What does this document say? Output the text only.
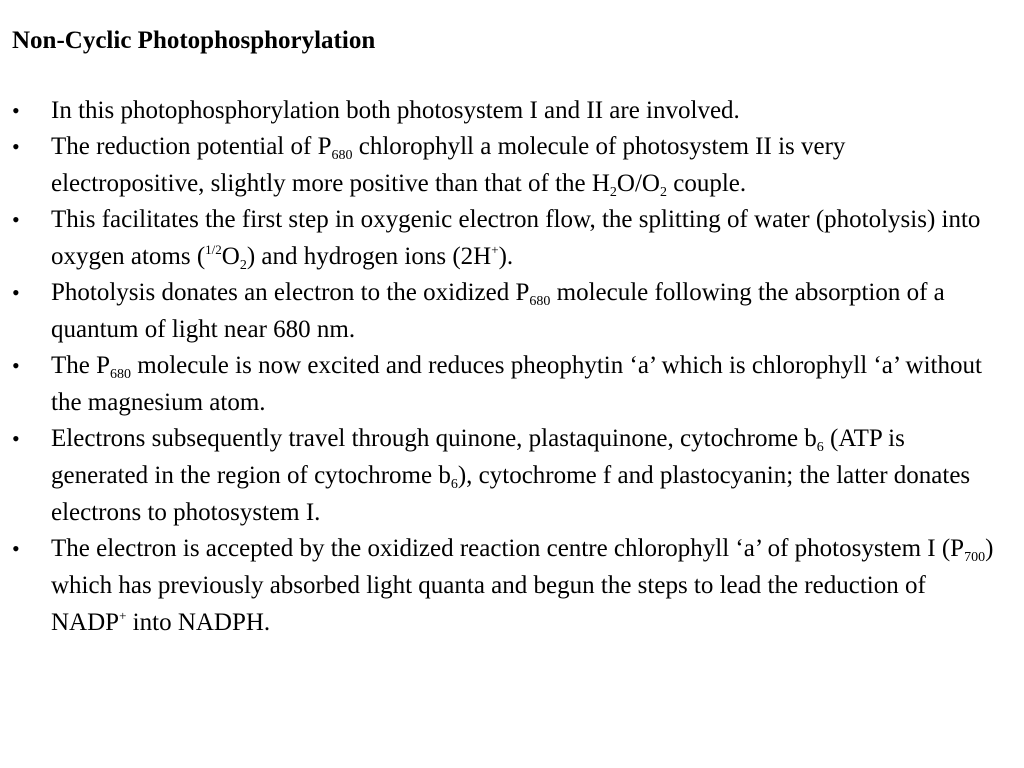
Non-Cyclic Photophosphorylation
•	In this photophosphorylation both photosystem I and II are involved.
•	The reduction potential of $P_{680}$ chlorophyll a molecule of photosystem II is very electropositive, slightly more positive than that of the $H_2O/O_2$ couple.
•	This facilitates the first step in oxygenic electron flow, the splitting of water (photolysis) into oxygen atoms $(^{1/2}O_2)$ and hydrogen ions (2H+).
•	Photolysis donates an electron to the oxidized $P_{680}$ molecule following the absorption of a quantum of light near 680 nm.
•	The $P_{680}$ molecule is now excited and reduces pheophytin ‘a’ which is chlorophyll ‘a’ without the magnesium atom.
•	Electrons subsequently travel through quinone, plastaquinone, cytochrome $b_6$ (ATP is generated in the region of cytochrome $b_6$), cytochrome f and plastocyanin; the latter donates electrons to photosystem I.
•	The electron is accepted by the oxidized reaction centre chlorophyll ‘a’ of photosystem I $(P_{700})$ which has previously absorbed light quanta and begun the steps to lead the reduction of NADP+ into NADPH.
